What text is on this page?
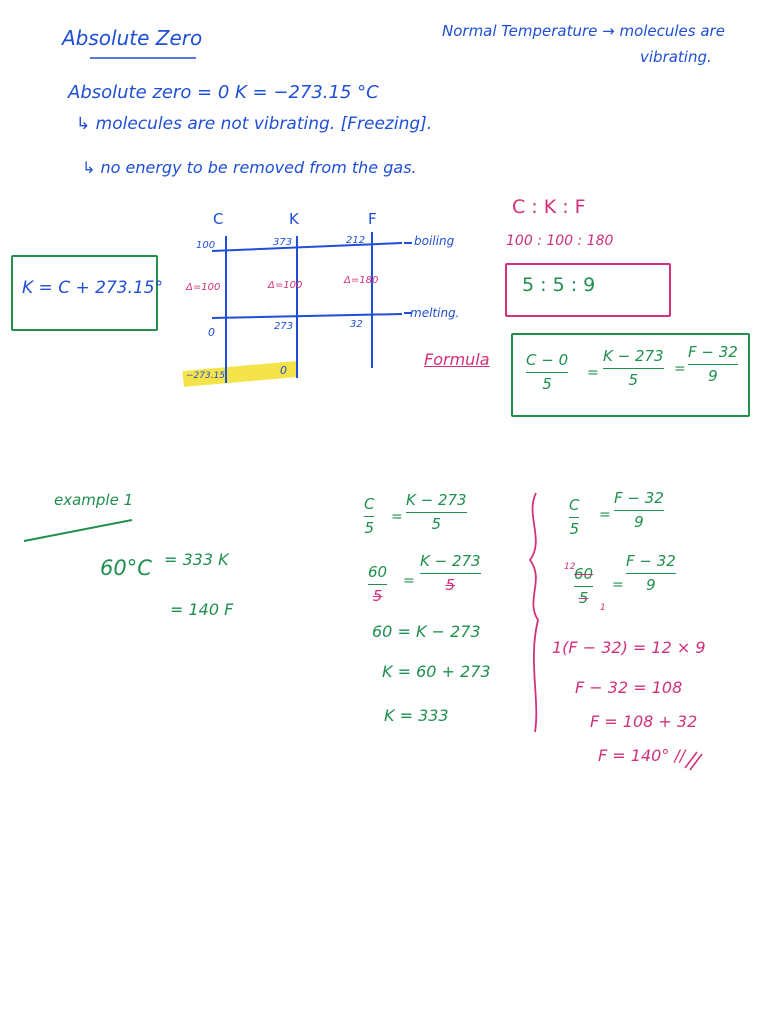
Absolute Zero	Normal Temperature → molecules are
vibrating.
Absolute zero = 0 K = −273.15 °C
↳ molecules are not vibrating. [Freezing].
↳ no energy to be removed from the gas.
K = C + 273.15°
C	K	F
100	373	212	boiling
Δ=100	Δ=100	Δ=180
0	273	32
melting.
−273.15	0
C : K : F
100 : 100 : 180
5 : 5 : 9
Formula C − 0
5
=
K − 273
5
=
F − 32
9
example 1
60°C = 333 K
= 140 F
C
5
=
K − 273
5
60
5
=
K − 273
5
60 = K − 273
K = 60 + 273
K = 333
C
5
=
F − 32
9
12
60
5
1
=
F − 32
9
1(F − 32) = 12 × 9
F − 32 = 108
F = 108 + 32
F = 140° //
